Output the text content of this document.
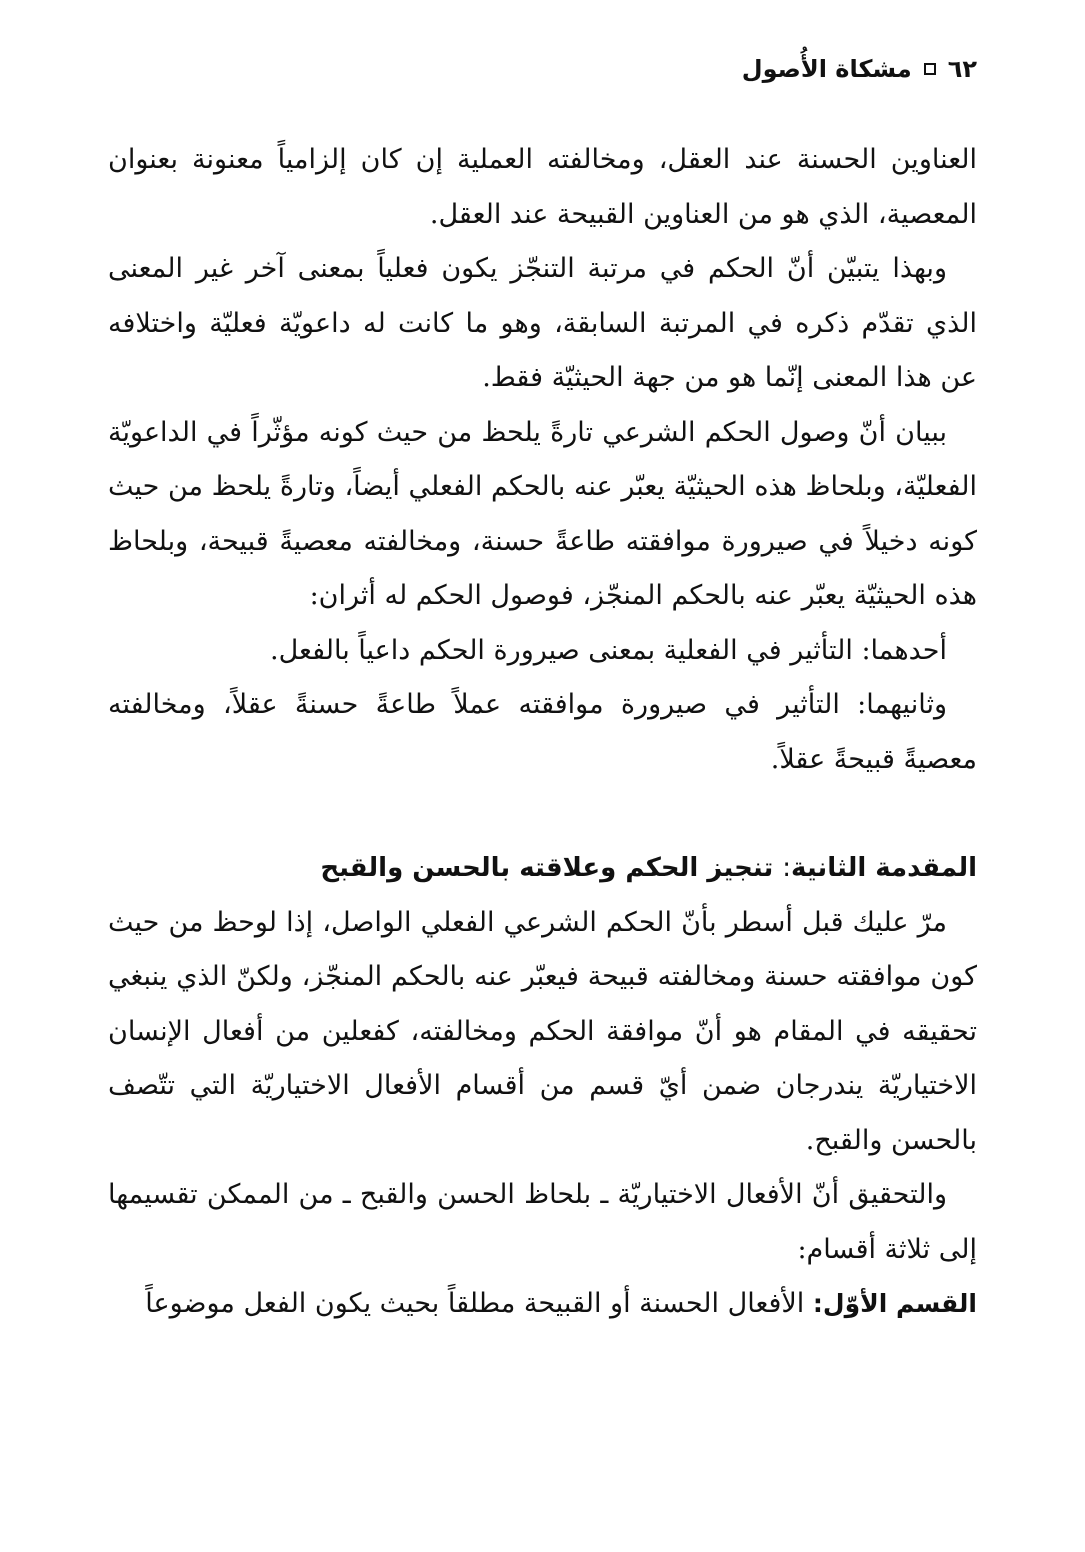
٦٢
مشكاة الأُصول

العناوين الحسنة عند العقل، ومخالفته العملية إن كان إلزامياً معنونة بعنوان المعصية، الذي هو من العناوين القبيحة عند العقل.

وبهذا يتبيّن أنّ الحكم في مرتبة التنجّز يكون فعلياً بمعنى آخر غير المعنى الذي تقدّم ذكره في المرتبة السابقة، وهو ما كانت له داعويّة فعليّة واختلافه عن هذا المعنى إنّما هو من جهة الحيثيّة فقط.

ببيان أنّ وصول الحكم الشرعي تارةً يلحظ من حيث كونه مؤثّراً في الداعويّة الفعليّة، وبلحاظ هذه الحيثيّة يعبّر عنه بالحكم الفعلي أيضاً، وتارةً يلحظ من حيث كونه دخيلاً في صيرورة موافقته طاعةً حسنة، ومخالفته معصيةً قبيحة، وبلحاظ هذه الحيثيّة يعبّر عنه بالحكم المنجّز، فوصول الحكم له أثران:

أحدهما: التأثير في الفعلية بمعنى صيرورة الحكم داعياً بالفعل.

وثانيهما: التأثير في صيرورة موافقته عملاً طاعةً حسنةً عقلاً، ومخالفته معصيةً قبيحةً عقلاً.

المقدمة الثانية: تنجيز الحكم وعلاقته بالحسن والقبح

مرّ عليك قبل أسطر بأنّ الحكم الشرعي الفعلي الواصل، إذا لوحظ من حيث كون موافقته حسنة ومخالفته قبيحة فيعبّر عنه بالحكم المنجّز، ولكنّ الذي ينبغي تحقيقه في المقام هو أنّ موافقة الحكم ومخالفته، كفعلين من أفعال الإنسان الاختياريّة يندرجان ضمن أيّ قسم من أقسام الأفعال الاختياريّة التي تتّصف بالحسن والقبح.

والتحقيق أنّ الأفعال الاختياريّة ـ بلحاظ الحسن والقبح ـ من الممكن تقسيمها إلى ثلاثة أقسام:

القسم الأوّل: الأفعال الحسنة أو القبيحة مطلقاً بحيث يكون الفعل موضوعاً
